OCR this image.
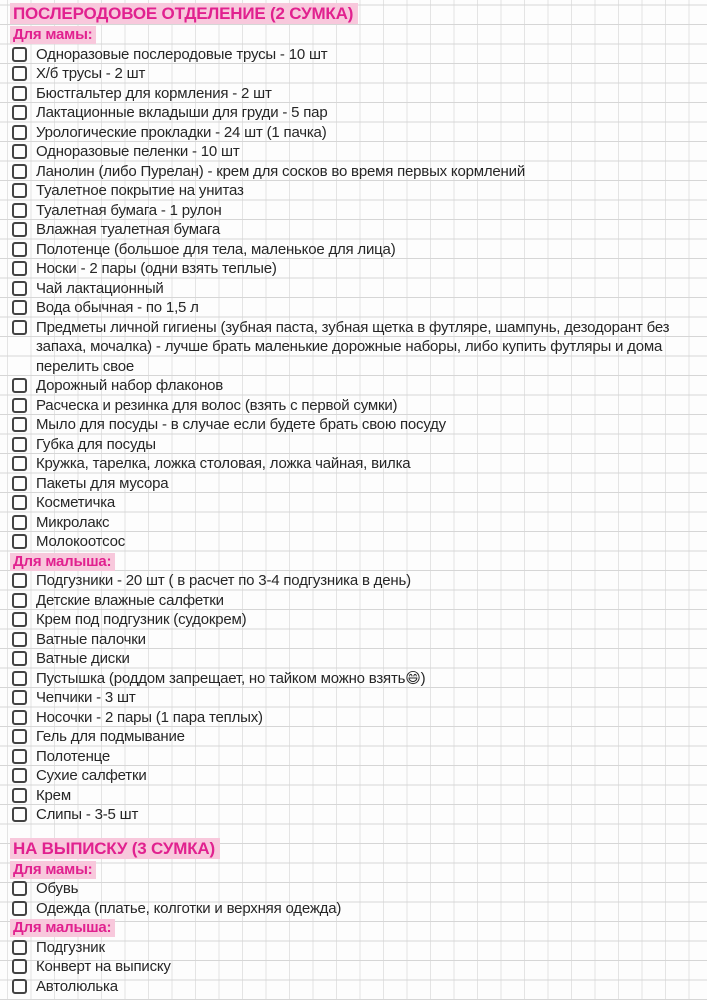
ПОСЛЕРОДОВОЕ ОТДЕЛЕНИЕ (2 СУМКА)
Для мамы:
Одноразовые послеродовые трусы - 10 шт
Х/б трусы - 2 шт
Бюстгальтер для кормления - 2 шт
Лактационные вкладыши для груди - 5 пар
Урологические прокладки - 24 шт (1 пачка)
Одноразовые пеленки - 10 шт
Ланолин (либо Пурелан) - крем для сосков во время первых кормлений
Туалетное покрытие на унитаз
Туалетная бумага - 1 рулон
Влажная туалетная бумага
Полотенце (большое для тела, маленькое для лица)
Носки - 2 пары (одни взять теплые)
Чай лактационный
Вода обычная - по 1,5 л
Предметы личной гигиены (зубная паста, зубная щетка в футляре, шампунь, дезодорант без запаха, мочалка) - лучше брать маленькие дорожные наборы, либо купить футляры и дома перелить свое
Дорожный набор флаконов
Расческа и резинка для волос (взять с первой сумки)
Мыло для посуды - в случае если будете брать свою посуду
Губка для посуды
Кружка, тарелка, ложка столовая, ложка чайная, вилка
Пакеты для мусора
Косметичка
Микролакс
Молокоотсос
Для малыша:
Подгузники - 20 шт ( в расчет по 3-4 подгузника в день)
Детские влажные салфетки
Крем под подгузник (судокрем)
Ватные палочки
Ватные диски
Пустышка (роддом запрещает, но тайком можно взять😄)
Чепчики - 3 шт
Носочки - 2 пары (1 пара теплых)
Гель для подмывание
Полотенце
Сухие салфетки
Крем
Слипы - 3-5 шт
НА ВЫПИСКУ (3 СУМКА)
Для мамы:
Обувь
Одежда (платье, колготки и верхняя одежда)
Для малыша:
Подгузник
Конверт на выписку
Автолюлька
